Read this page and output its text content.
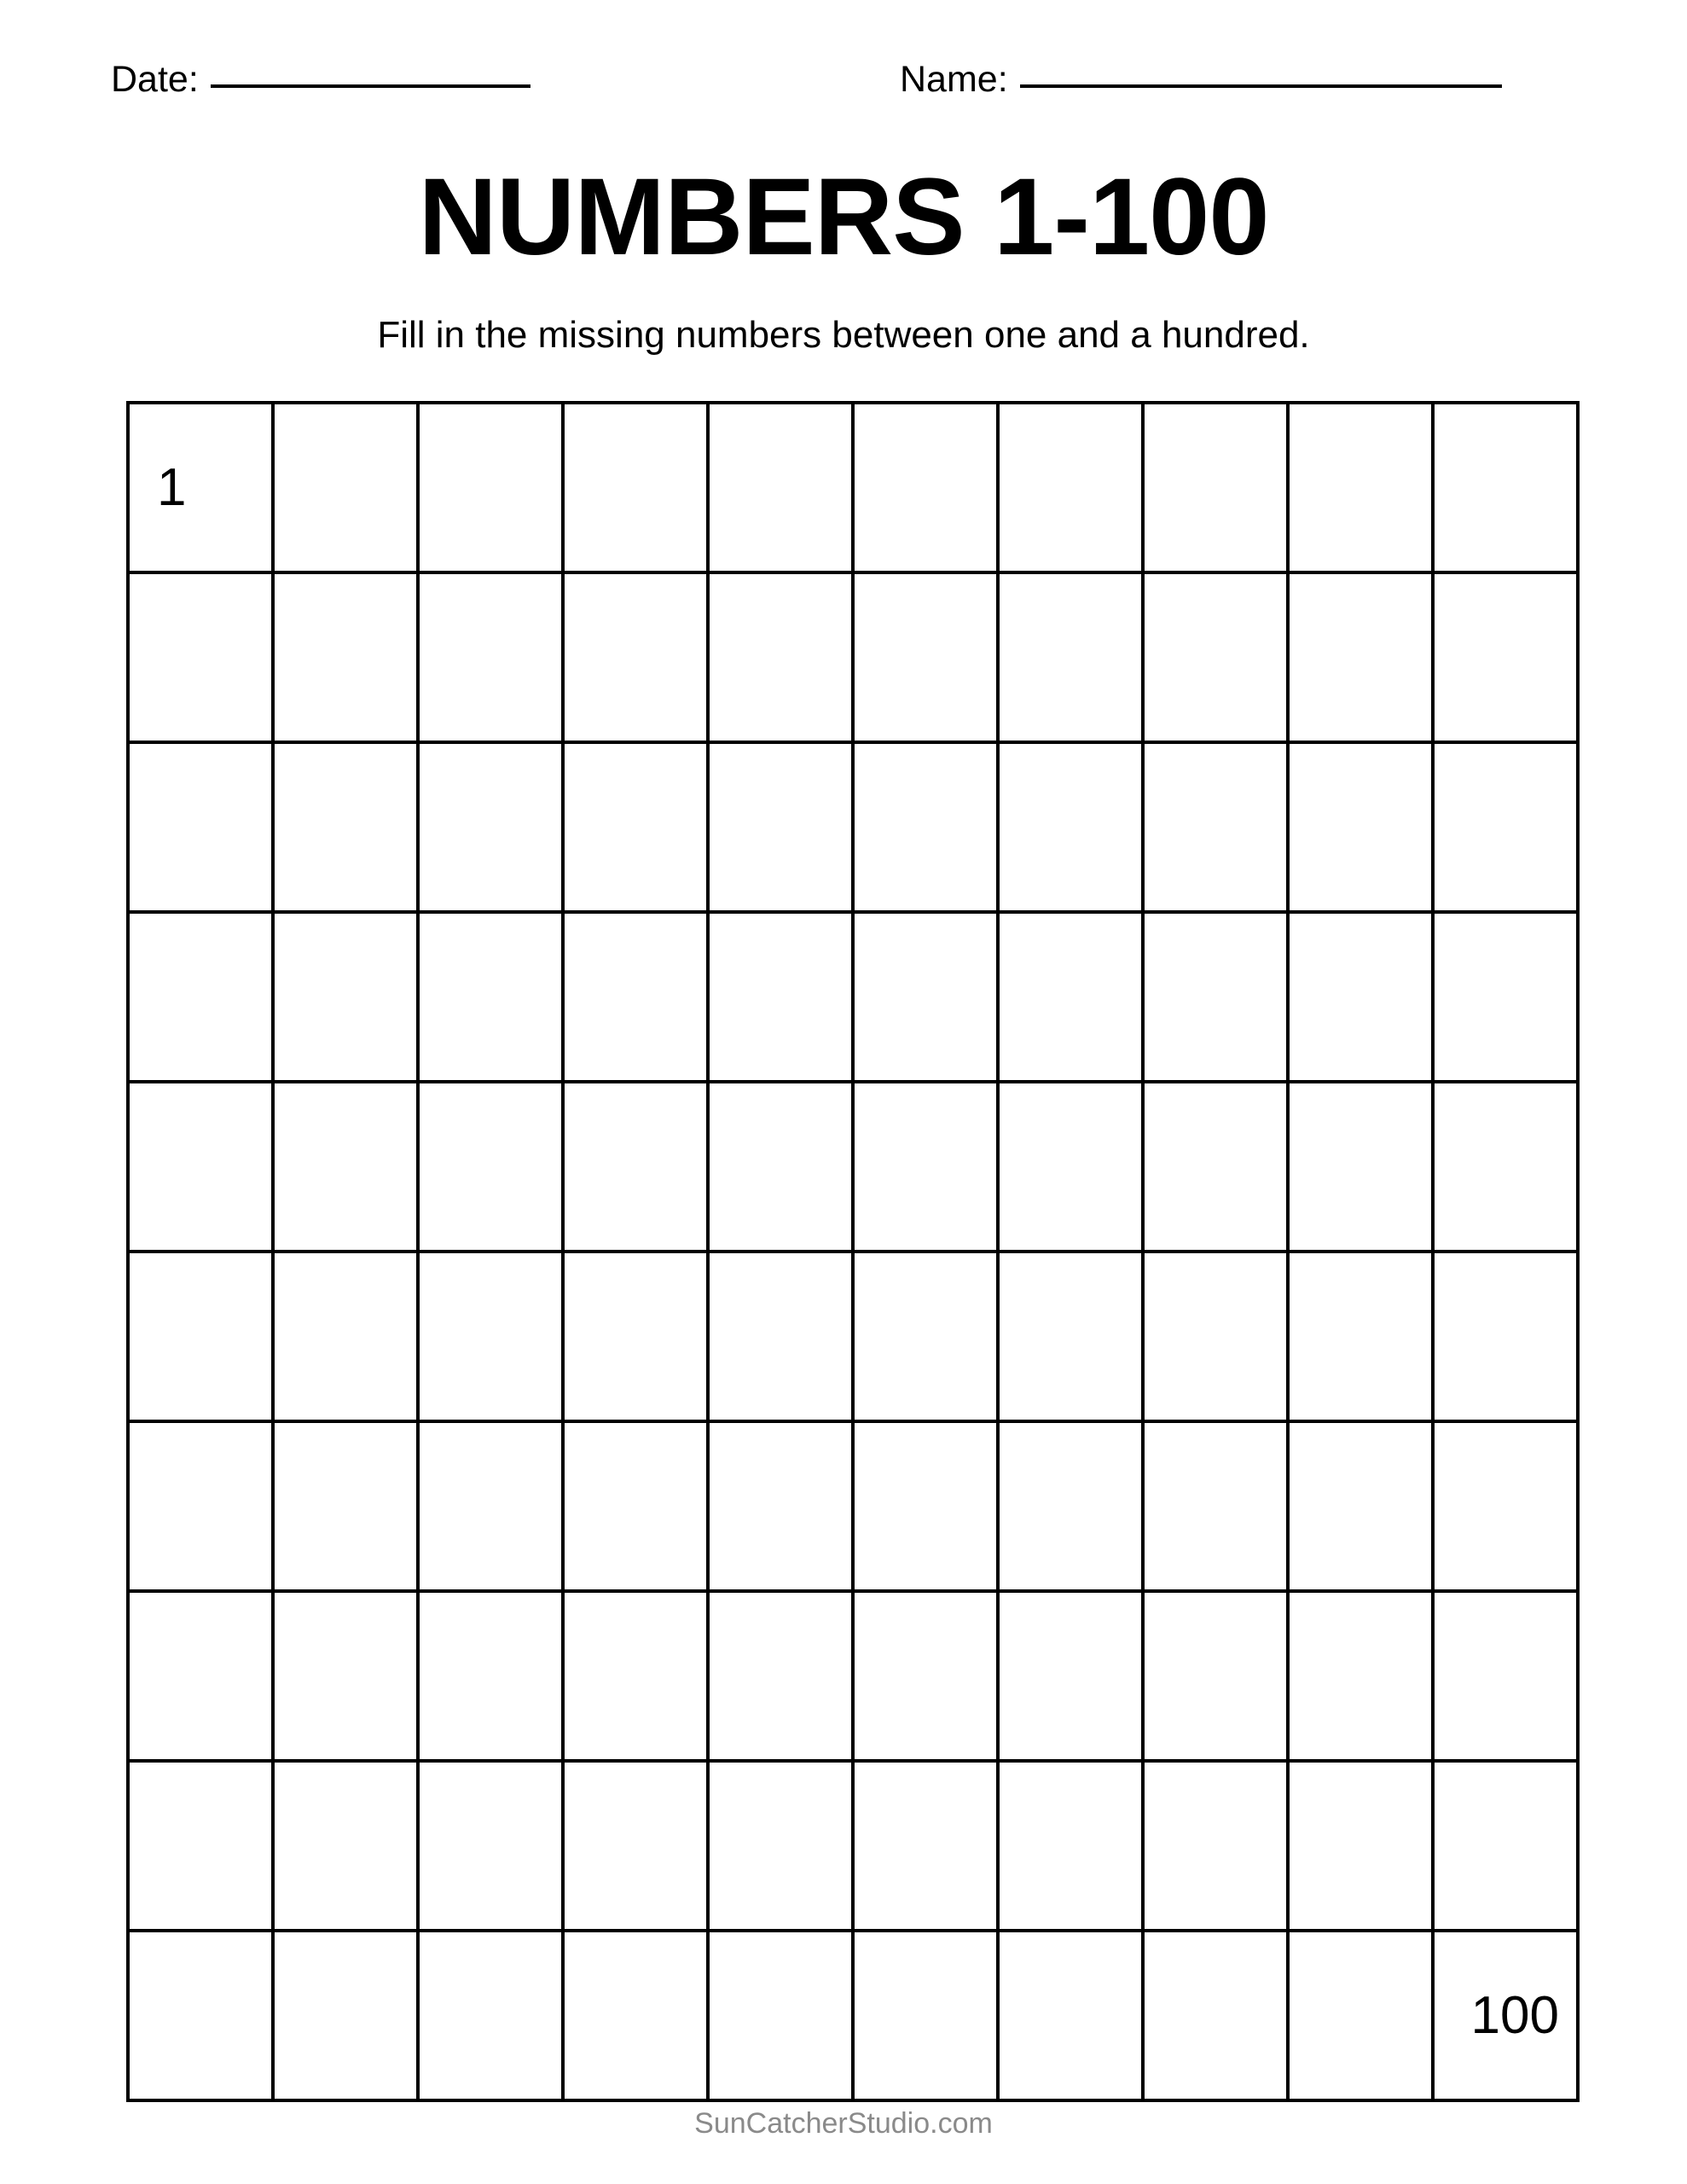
Date:	Name:
NUMBERS 1-100
Fill in the missing numbers between one and a hundred.
1									

									100
SunCatcherStudio.com
